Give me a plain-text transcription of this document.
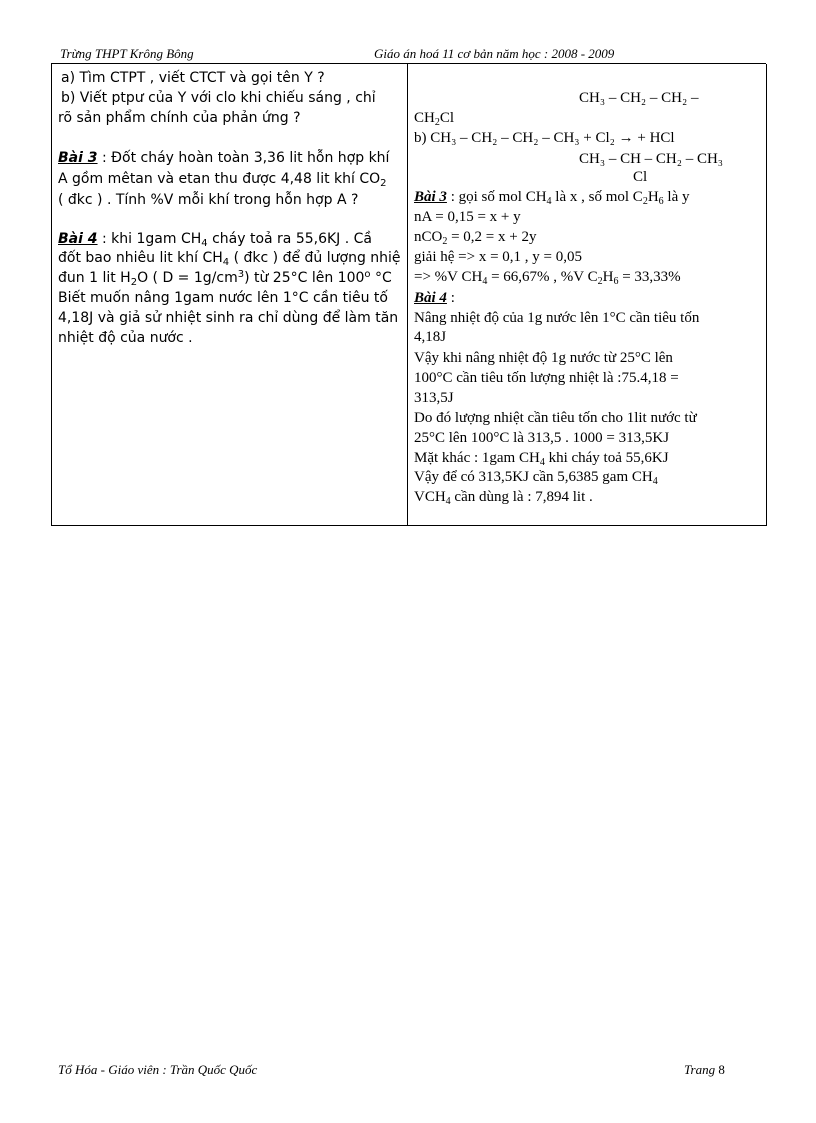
Trừng THPT Krông Bông	Giáo án hoá 11 cơ bản năm học : 2008 - 2009
a) Tìm CTPT , viết CTCT và gọi tên Y ?
b) Viết ptpư của Y với clo khi chiếu sáng , chỉ
rõ sản phẩm chính của phản ứng ?
Bài 3 : Đốt cháy hoàn toàn 3,36 lit hỗn hợp khí
A gồm mêtan và etan thu được 4,48 lit khí $CO_2$
( đkc ) . Tính %V mỗi khí trong hỗn hợp A ?
Bài 4 : khi 1gam $CH_4$ cháy toả ra 55,6KJ . Cầ
đốt bao nhiêu lit khí $CH_4$ ( đkc ) để đủ lượng nhiệ
đun 1 lit $H_2O$ ( $D = 1g/cm^3$) từ 25°C lên 100$^o$ °C
Biết muốn nâng 1gam nước lên 1°C cần tiêu tố
4,18J và giả sử nhiệt sinh ra chỉ dùng để làm tăn
nhiệt độ của nước .
CH₃ – CH₂ – CH₂ –
$CH_2Cl$
b) CH₃ – CH₂ – CH₂ – CH₃ + Cl₂ → + HCl
CH₃ – CH – CH₂ – CH₃
Cl
Bài 3 : gọi số mol $CH_4$ là x , số mol $C_2H_6$ là y
nA = 0,15 = x + y
nCO$_2$ = 0,2 = x + 2y
giải hệ => x = 0,1 , y = 0,05
=> %V $CH_4 = 66,67\%$ , %V $C_2H_6 = 33,33\%$
Bài 4 :
Nâng nhiệt độ của 1g nước lên 1°C cần tiêu tốn
4,18J
Vậy khi nâng nhiệt độ 1g nước từ 25°C lên
100°C cần tiêu tốn lượng nhiệt là :75.4,18 =
313,5J
Do đó lượng nhiệt cần tiêu tốn cho 1lit nước từ
25°C lên 100°C là 313,5 . 1000 = 313,5KJ
Mặt khác : 1gam $CH_4$ khi cháy toả 55,6KJ
Vậy để có 313,5KJ cần 5,6385 gam $CH_4$
$VCH_4$ cần dùng là : 7,894 lit .
Tổ Hóa - Giáo viên : Trần Quốc Quốc	Trang 8
